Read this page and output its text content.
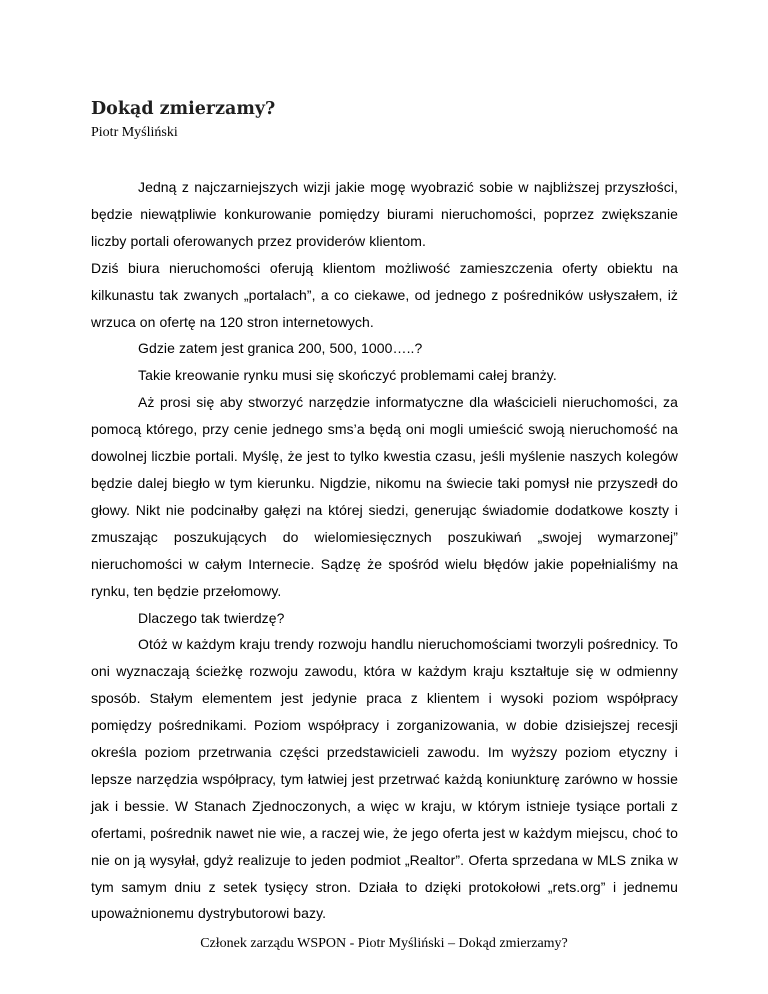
Dokąd zmierzamy?
Piotr Myśliński

Jedną z najczarniejszych wizji jakie mogę wyobrazić sobie w najbliższej przyszłości, będzie niewątpliwie konkurowanie pomiędzy biurami nieruchomości, poprzez zwiększanie liczby portali oferowanych przez providerów klientom.

Dziś biura nieruchomości oferują klientom możliwość zamieszczenia oferty obiektu na kilkunastu tak zwanych „portalach”, a co ciekawe, od jednego z pośredników usłyszałem, iż wrzuca on ofertę na 120 stron internetowych.

Gdzie zatem jest granica 200, 500, 1000…..?

Takie kreowanie rynku musi się skończyć problemami całej branży.

Aż prosi się aby stworzyć narzędzie informatyczne dla właścicieli nieruchomości, za pomocą którego, przy cenie jednego sms’a będą oni mogli umieścić swoją nieruchomość na dowolnej liczbie portali. Myślę, że jest to tylko kwestia czasu, jeśli myślenie naszych kolegów będzie dalej biegło w tym kierunku. Nigdzie, nikomu na świecie taki pomysł nie przyszedł do głowy. Nikt nie podcinałby gałęzi na której siedzi, generując świadomie dodatkowe koszty i zmuszając poszukujących do wielomiesięcznych poszukiwań „swojej wymarzonej” nieruchomości w całym Internecie. Sądzę że spośród wielu błędów jakie popełnialiśmy na rynku, ten będzie przełomowy.

Dlaczego tak twierdzę?

Otóż w każdym kraju trendy rozwoju handlu nieruchomościami tworzyli pośrednicy. To oni wyznaczają ścieżkę rozwoju zawodu, która w każdym kraju kształtuje się w odmienny sposób. Stałym elementem jest jedynie praca z klientem i wysoki poziom współpracy pomiędzy pośrednikami. Poziom współpracy i zorganizowania, w dobie dzisiejszej recesji określa poziom przetrwania części przedstawicieli zawodu. Im wyższy poziom etyczny i lepsze narzędzia współpracy, tym łatwiej jest przetrwać każdą koniunkturę zarówno w hossie jak i bessie. W Stanach Zjednoczonych, a więc w kraju, w którym istnieje tysiące portali z ofertami, pośrednik nawet nie wie, a raczej wie, że jego oferta jest w każdym miejscu, choć to nie on ją wysyłał, gdyż realizuje to jeden podmiot „Realtor”. Oferta sprzedana w MLS znika w tym samym dniu z setek tysięcy stron. Działa to dzięki protokołowi „rets.org” i jednemu upoważnionemu dystrybutorowi bazy.

Członek zarządu WSPON - Piotr Myśliński – Dokąd zmierzamy?
